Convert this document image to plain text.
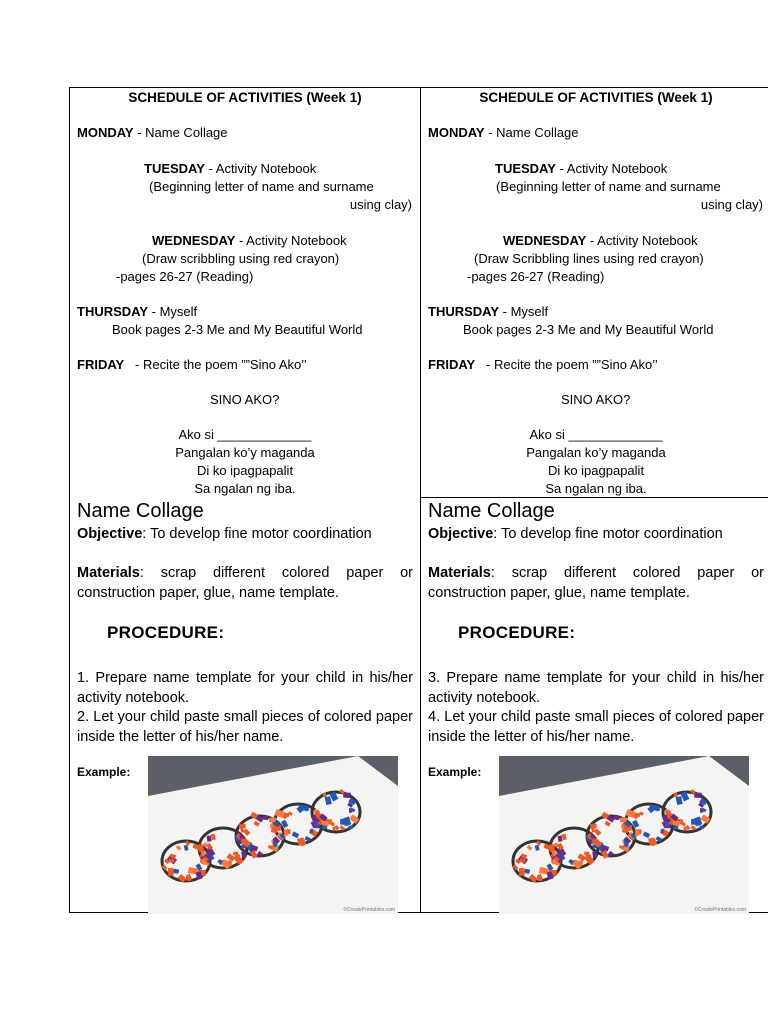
SCHEDULE OF ACTIVITIES (Week 1)
MONDAY - Name Collage
TUESDAY - Activity Notebook
(Beginning letter of name and surname
using clay)
WEDNESDAY - Activity Notebook
(Draw scribbling using red crayon)
-pages 26-27 (Reading)
THURSDAY - Myself
Book pages 2-3 Me and My Beautiful World
FRIDAY   - Recite the poem ””Sino Ako’’
SINO AKO?
Ako si _____________
Pangalan ko’y maganda
Di ko ipagpapalit
Sa ngalan ng iba.
Name Collage
Objective: To develop fine motor coordination
Materials: scrap different colored paper or construction paper, glue, name template.
PROCEDURE:
1. Prepare name template for your child in his/her activity notebook.
2. Let your child paste small pieces of colored paper inside the letter of his/her name.
Example:
©CreatePrintables.com
SCHEDULE OF ACTIVITIES (Week 1)
MONDAY - Name Collage
TUESDAY - Activity Notebook
(Beginning letter of name and surname
using clay)
WEDNESDAY - Activity Notebook
(Draw Scribbling lines using red crayon)
-pages 26-27 (Reading)
THURSDAY - Myself
Book pages 2-3 Me and My Beautiful World
FRIDAY   - Recite the poem ””Sino Ako’’
SINO AKO?
Ako si _____________
Pangalan ko’y maganda
Di ko ipagpapalit
Sa ngalan ng iba.
Name Collage
Objective: To develop fine motor coordination
Materials: scrap different colored paper or construction paper, glue, name template.
PROCEDURE:
3. Prepare name template for your child in his/her activity notebook.
4. Let your child paste small pieces of colored paper inside the letter of his/her name.
Example:
©CreatePrintables.com
